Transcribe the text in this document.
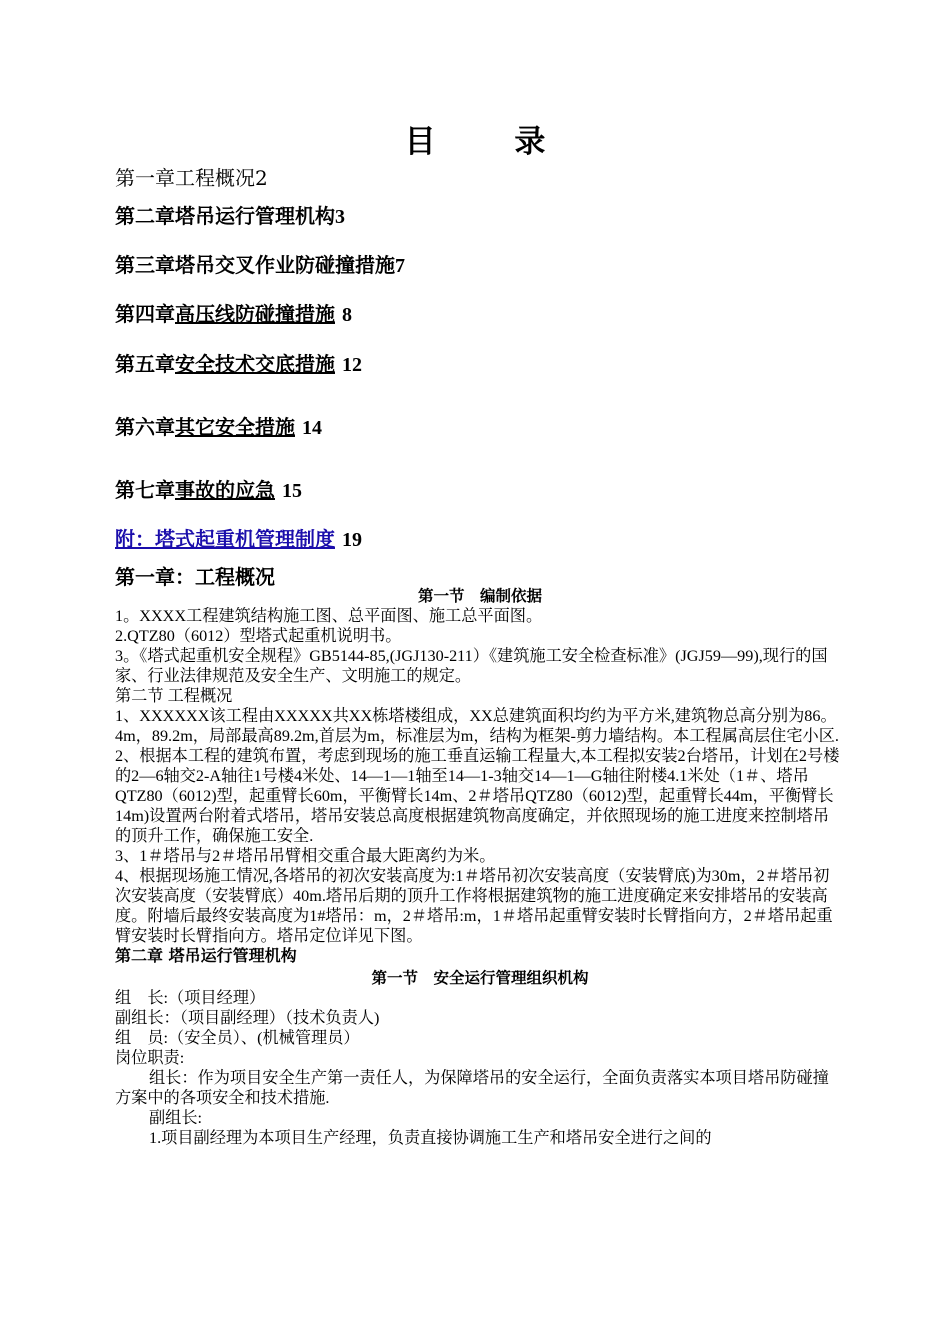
目 录

第一章工程概况2

第二章塔吊运行管理机构3

第三章塔吊交叉作业防碰撞措施7

第四章高压线防碰撞措施 8

第五章安全技术交底措施 12

第六章其它安全措施 14

第七章事故的应急 15

附：塔式起重机管理制度 19

第一章：工程概况

第一节　编制依据

1。XXXX工程建筑结构施工图、总平面图、施工总平面图。

2.QTZ80（6012）型塔式起重机说明书。

3。《塔式起重机安全规程》GB5144-85,(JGJ130-211）《建筑施工安全检查标准》(JGJ59—99),现行的国家、行业法律规范及安全生产、文明施工的规定。

第二节 工程概况

1、XXXXXX该工程由XXXXX共XX栋塔楼组成，XX总建筑面积均约为平方米,建筑物总高分别为86。4m，89.2m，局部最高89.2m,首层为m，标准层为m，结构为框架-剪力墙结构。本工程属高层住宅小区.

2、根据本工程的建筑布置，考虑到现场的施工垂直运输工程量大,本工程拟安装2台塔吊，计划在2号楼的2—6轴交2-A轴往1号楼4米处、14—1—1轴至14—1-3轴交14—1—G轴往附楼4.1米处（1＃、塔吊QTZ80（6012)型，起重臂长60m，平衡臂长14m、2＃塔吊QTZ80（6012)型，起重臂长44m，平衡臂长14m)设置两台附着式塔吊，塔吊安装总高度根据建筑物高度确定，并依照现场的施工进度来控制塔吊的顶升工作，确保施工安全.

3、1＃塔吊与2＃塔吊吊臂相交重合最大距离约为米。

4、根据现场施工情况,各塔吊的初次安装高度为:1＃塔吊初次安装高度（安装臂底)为30m，2＃塔吊初次安装高度（安装臂底）40m.塔吊后期的顶升工作将根据建筑物的施工进度确定来安排塔吊的安装高度。附墙后最终安装高度为1#塔吊：m，2＃塔吊:m，1＃塔吊起重臂安装时长臂指向方，2＃塔吊起重臂安装时长臂指向方。塔吊定位详见下图。

第二章 塔吊运行管理机构

第一节　安全运行管理组织机构

组　长:（项目经理）

副组长：（项目副经理）（技术负责人)

组　员:（安全员）、(机械管理员）

岗位职责:

组长：作为项目安全生产第一责任人，为保障塔吊的安全运行，全面负责落实本项目塔吊防碰撞方案中的各项安全和技术措施.

副组长:

1.项目副经理为本项目生产经理，负责直接协调施工生产和塔吊安全进行之间的
